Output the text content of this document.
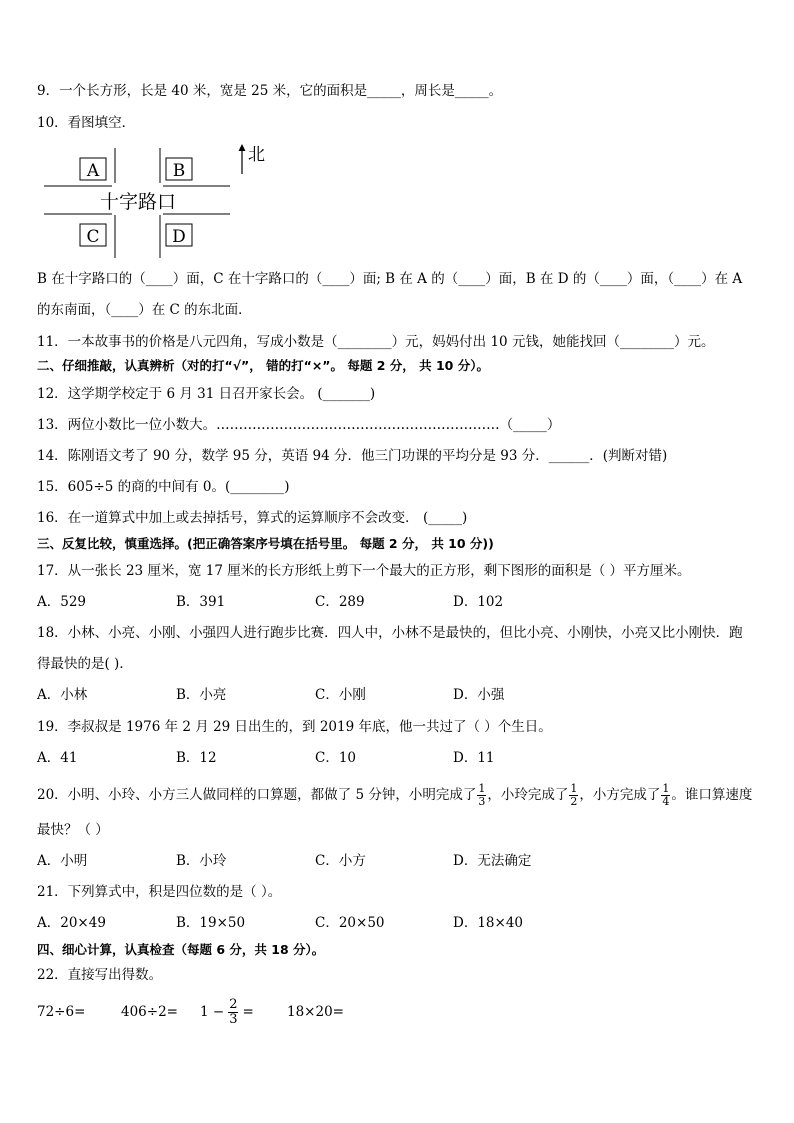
9．一个长方形，长是 40 米，宽是 25 米，它的面积是_____，周长是_____。
10．看图填空．
A	B
C	D
十字路口
北
B 在十字路口的（____）面，C 在十字路口的（____）面; B 在 A 的（____）面，B 在 D 的（____）面，（____）在 A
的东南面，（____）在 C 的东北面．
11．一本故事书的价格是八元四角，写成小数是（________）元，妈妈付出 10 元钱，她能找回（________）元。
二、仔细推敲，认真辨析（对的打“√”， 错的打“×”。 每题 2 分， 共 10 分）。
12．这学期学校定于 6 月 31 日召开家长会。 (_______)
13．两位小数比一位小数大。………………………………………………………（_____）
14．陈刚语文考了 90 分，数学 95 分，英语 94 分．他三门功课的平均分是 93 分．______．(判断对错)
15．605÷5 的商的中间有 0。(________)
16．在一道算式中加上或去掉括号，算式的运算顺序不会改变． (_____)
三、反复比较，慎重选择。(把正确答案序号填在括号里。 每题 2 分， 共 10 分))
17．从一张长 23 厘米，宽 17 厘米的长方形纸上剪下一个最大的正方形，剩下图形的面积是（ ）平方厘米。
A．529	B．391	C．289	D．102
18．小林、小亮、小刚、小强四人进行跑步比赛．四人中，小林不是最快的，但比小亮、小刚快，小亮又比小刚快．跑
得最快的是( )．
A．小林	B．小亮	C．小刚	D．小强
19．李叔叔是 1976 年 2 月 29 日出生的，到 2019 年底，他一共过了（ ）个生日。
A．41	B．12	C．10	D．11
20．小明、小玲、小方三人做同样的口算题，都做了 5 分钟，小明完成了 $\frac{1}{3}$ ，小玲完成了 $\frac{1}{2}$ ，小方完成了 $\frac{1}{4}$ 。谁口算速度
最快？（ ）
A．小明	B．小玲	C．小方	D．无法确定
21．下列算式中，积是四位数的是（ ）。
A．20×49	B．19×50	C．20×50	D．18×40
四、细心计算，认真检查（每题 6 分，共 18 分）。
22．直接写出得数。
72÷6=	$406\div 2= 1 - \frac{2}{3} = 18\times 20=$
